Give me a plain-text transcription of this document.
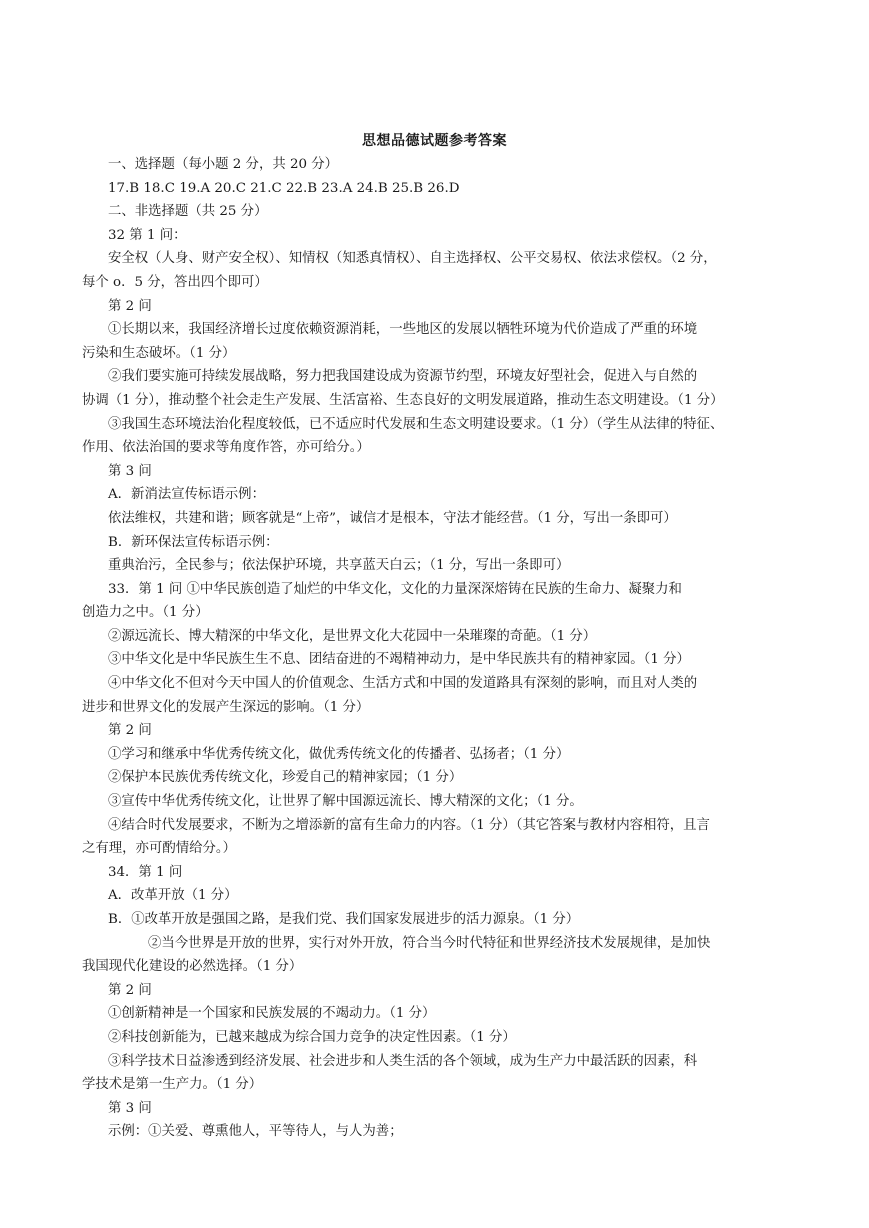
思想品德试题参考答案
一、选择题（每小题 2 分，共 20 分）
17.B 18.C 19.A 20.C 21.C 22.B 23.A 24.B 25.B 26.D
二、非选择题（共 25 分）
32 第 1 问：
安全权（人身、财产安全权）、知情权（知悉真情权）、自主选择权、公平交易权、依法求偿权。（2 分，
每个 o．5 分，答出四个即可）
第 2 问
①长期以来，我国经济增长过度依赖资源消耗，一些地区的发展以牺牲环境为代价造成了严重的环境
污染和生态破坏。（1 分）
②我们要实施可持续发展战略，努力把我国建设成为资源节约型，环境友好型社会，促进入与自然的
协调（1 分），推动整个社会走生产发展、生活富裕、生态良好的文明发展道路，推动生态文明建设。（1 分）
③我国生态环境法治化程度较低，已不适应时代发展和生态文明建设要求。（1 分）（学生从法律的特征、
作用、依法治国的要求等角度作答，亦可给分。）
第 3 问
A．新消法宣传标语示例：
依法维权，共建和谐；顾客就是“上帝”，诚信才是根本，守法才能经营。（1 分，写出一条即可）
B．新环保法宣传标语示例：
重典治污，全民参与；依法保护环境，共享蓝天白云；（1 分，写出一条即可）
33．第 1 问 ①中华民族创造了灿烂的中华文化，文化的力量深深熔铸在民族的生命力、凝聚力和
创造力之中。（1 分）
②源远流长、博大精深的中华文化，是世界文化大花园中一朵璀璨的奇葩。（1 分）
③中华文化是中华民族生生不息、团结奋进的不竭精神动力，是中华民族共有的精神家园。（1 分）
④中华文化不但对今天中国人的价值观念、生活方式和中国的发道路具有深刻的影响，而且对人类的
进步和世界文化的发展产生深远的影响。（1 分）
第 2 问
①学习和继承中华优秀传统文化，做优秀传统文化的传播者、弘扬者；（1 分）
②保护本民族优秀传统文化，珍爱自己的精神家园；（1 分）
③宣传中华优秀传统文化，让世界了解中国源远流长、博大精深的文化；（1 分。
④结合时代发展要求，不断为之增添新的富有生命力的内容。（1 分）（其它答案与教材内容相符，且言
之有理，亦可酌情给分。）
34．第 1 问
A．改革开放（1 分）
B．①改革开放是强国之路，是我们党、我们国家发展进步的活力源泉。（1 分）
②当今世界是开放的世界，实行对外开放，符合当今时代特征和世界经济技术发展规律，是加快
我国现代化建设的必然选择。（1 分）
第 2 问
①创新精神是一个国家和民族发展的不竭动力。（1 分）
②科技创新能为，已越来越成为综合国力竞争的决定性因素。（1 分）
③科学技术日益渗透到经济发展、社会进步和人类生活的各个领域，成为生产力中最活跃的因素，科
学技术是第一生产力。（1 分）
第 3 问
示例：①关爱、尊熏他人，平等待人，与人为善；
